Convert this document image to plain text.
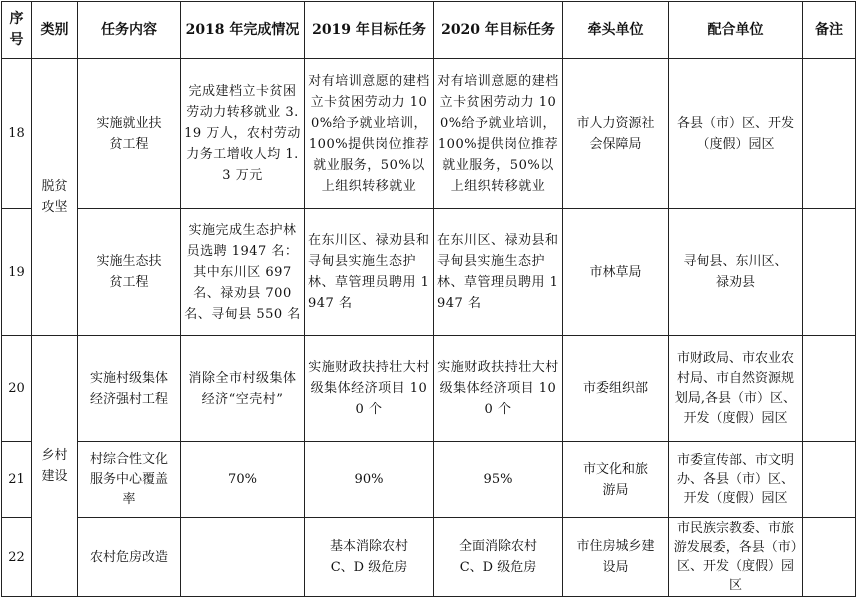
序号	类别	任务内容	2018 年完成情况	2019 年目标任务	2020 年目标任务	牵头单位	配合单位	备注
18	脱贫攻坚	实施就业扶贫工程	完成建档立卡贫困劳动力转移就业 3.19 万人，农村劳动力务工增收人均 1.3 万元	对有培训意愿的建档立卡贫困劳动力 100%给予就业培训，100%提供岗位推荐就业服务，50%以上组织转移就业	对有培训意愿的建档立卡贫困劳动力 100%给予就业培训，100%提供岗位推荐就业服务，50%以上组织转移就业	市人力资源社会保障局	各县（市）区、开发（度假）园区	
19		实施生态扶贫工程	实施完成生态护林员选聘 1947 名：其中东川区 697 名、禄劝县 700 名、寻甸县 550 名	在东川区、禄劝县和寻甸县实施生态护林、草管理员聘用 1947 名	在东川区、禄劝县和寻甸县实施生态护林、草管理员聘用 1947 名	市林草局	寻甸县、东川区、禄劝县	
20	乡村建设	实施村级集体经济强村工程	消除全市村级集体经济“空壳村”	实施财政扶持壮大村级集体经济项目 100 个	实施财政扶持壮大村级集体经济项目 100 个	市委组织部	市财政局、市农业农村局、市自然资源规划局,各县（市）区、开发（度假）园区	
21		村综合性文化服务中心覆盖率	70%	90%	95%	市文化和旅游局	市委宣传部、市文明办、各县（市）区、开发（度假）园区	
22		农村危房改造		基本消除农村 C、D 级危房	全面消除农村 C、D 级危房	市住房城乡建设局	市民族宗教委、市旅游发展委，各县（市）区、开发（度假）园区	
